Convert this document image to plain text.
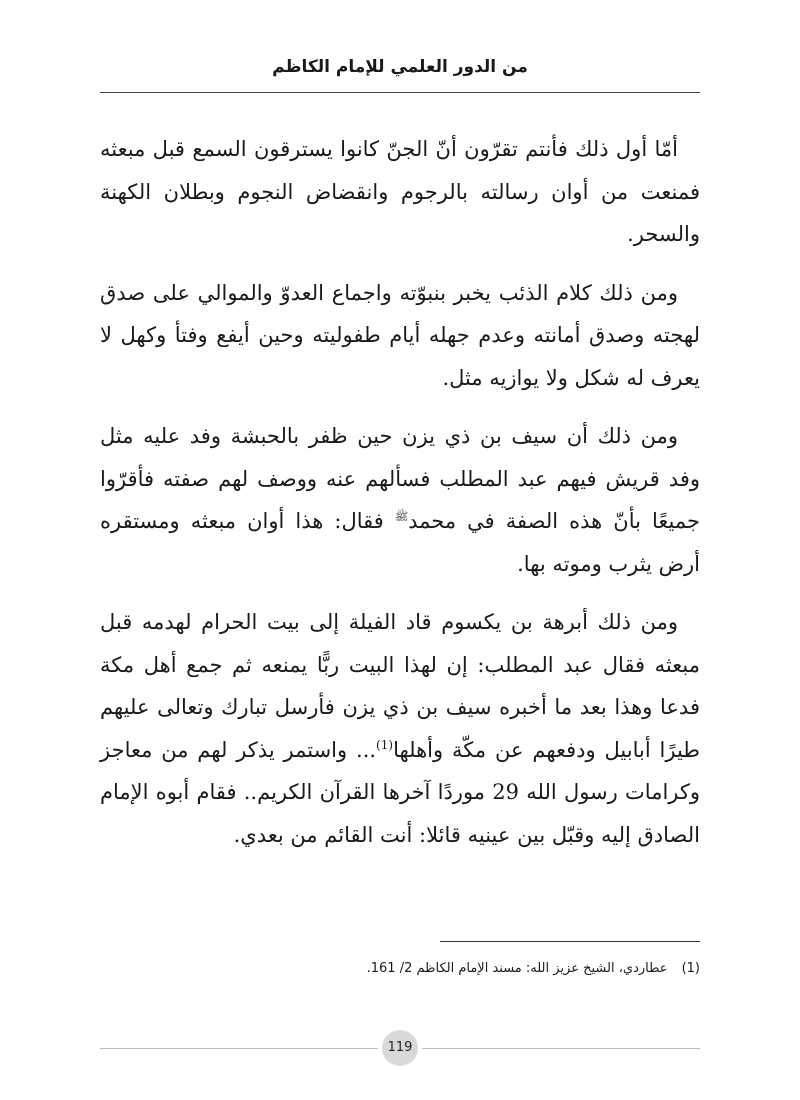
من الدور العلمي للإمام الكاظم

أمّا أول ذلك فأنتم تقرّون أنّ الجنّ كانوا يسترقون السمع قبل مبعثه فمنعت من أوان رسالته بالرجوم وانقضاض النجوم وبطلان الكهنة والسحر.

ومن ذلك كلام الذئب يخبر بنبوّته واجماع العدوّ والموالي على صدق لهجته وصدق أمانته وعدم جهله أيام طفوليته وحين أيفع وفتأ وكهل لا يعرف له شكل ولا يوازيه مثل.

ومن ذلك أن سيف بن ذي يزن حين ظفر بالحبشة وفد عليه مثل وفد قريش فيهم عبد المطلب فسألهم عنه ووصف لهم صفته فأقرّوا جميعًا بأنّ هذه الصفة في محمد$^ﷺ$ فقال: هذا أوان مبعثه ومستقره أرض يثرب وموته بها.

ومن ذلك أبرهة بن يكسوم قاد الفيلة إلى بيت الحرام لهدمه قبل مبعثه فقال عبد المطلب: إن لهذا البيت ربًّا يمنعه ثم جمع أهل مكة فدعا وهذا بعد ما أخبره سيف بن ذي يزن فأرسل تبارك وتعالى عليهم طيرًا أبابيل ودفعهم عن مكّة وأهلها$^{(1)}$... واستمر يذكر لهم من معاجز وكرامات رسول الله 29 موردًا آخرها القرآن الكريم.. فقام أبوه الإمام الصادق إليه وقبّل بين عينيه قائلا: أنت القائم من بعدي.

(1)عطاردي، الشيخ عزيز الله: مسند الإمام الكاظم 2/ 161.
119
